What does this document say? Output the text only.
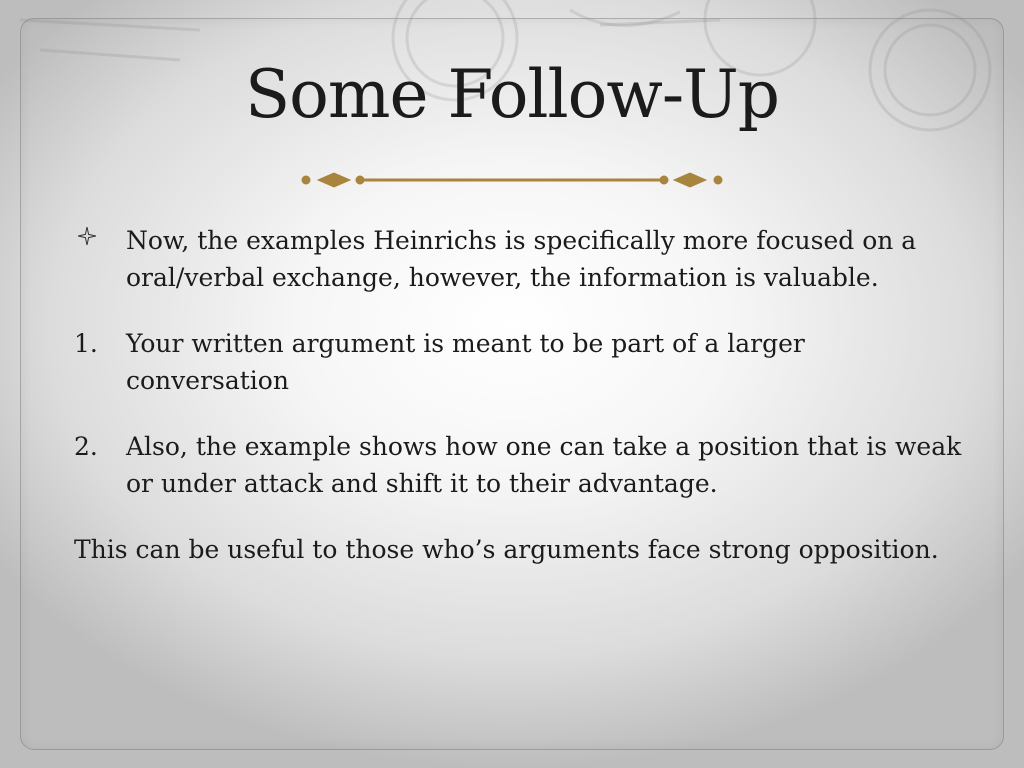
Some Follow-Up
Now, the examples Heinrichs is specifically more focused on a oral/verbal exchange, however, the information is valuable.
1.	Your written argument is meant to be part of a larger conversation
2.	Also, the example shows how one can take a position that is weak or under attack and shift it to their advantage.
This can be useful to those who’s arguments face strong opposition.
